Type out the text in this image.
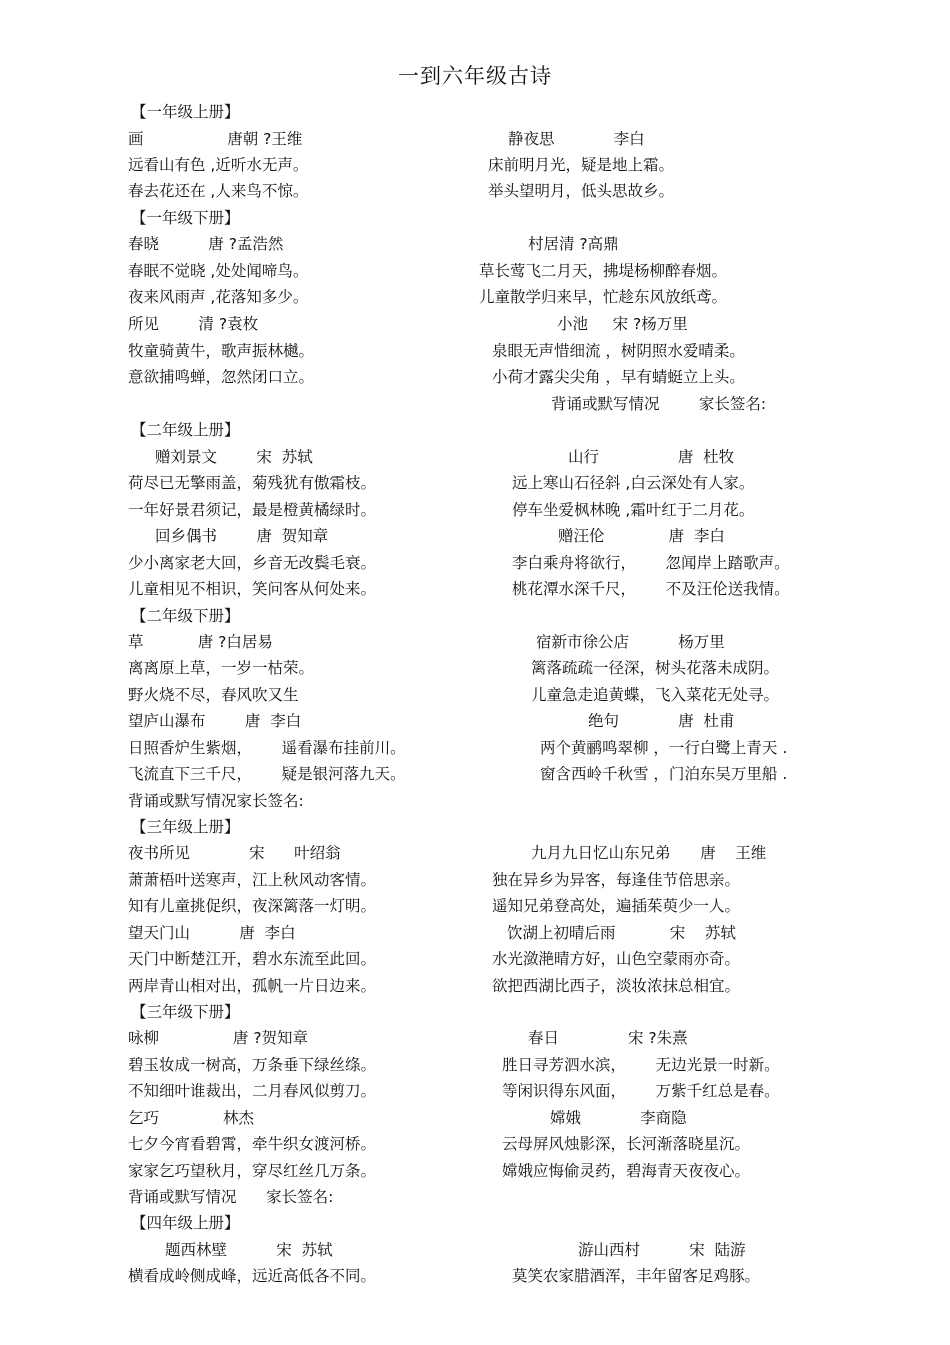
一到六年级古诗
【一年级上册】
画                 唐朝 ?王维
远看山有色 ,近听水无声。
春去花还在 ,人来鸟不惊。
静夜思            李白
床前明月光，疑是地上霜。
举头望明月，低头思故乡。
【一年级下册】
春晓          唐 ?孟浩然
春眠不觉晓 ,处处闻啼鸟。
夜来风雨声 ,花落知多少。
村居清 ?高鼎
草长莺飞二月天，拂堤杨柳醉春烟。
儿童散学归来早，忙趁东风放纸鸢。
所见        清 ?袁枚
牧童骑黄牛，歌声振林樾。
意欲捕鸣蝉，忽然闭口立。
小池     宋 ?杨万里
泉眼无声惜细流 ，树阴照水爱晴柔。
小荷才露尖尖角 ，早有蜻蜓立上头。
背诵或默写情况        家长签名:
【二年级上册】
赠刘景文        宋  苏轼
荷尽已无擎雨盖，菊残犹有傲霜枝。
一年好景君须记，最是橙黄橘绿时。
山行                唐  杜牧
远上寒山石径斜 ,白云深处有人家。
停车坐爱枫林晚 ,霜叶红于二月花。
回乡偶书        唐  贺知章
少小离家老大回，乡音无改鬓毛衰。
儿童相见不相识，笑问客从何处来。
赠汪伦             唐  李白
李白乘舟将欲行，      忽闻岸上踏歌声。
桃花潭水深千尺，      不及汪伦送我情。
【二年级下册】
草           唐 ?白居易
离离原上草，一岁一枯荣。
野火烧不尽，春风吹又生
宿新市徐公店          杨万里
篱落疏疏一径深，树头花落未成阴。
儿童急走追黄蝶，飞入菜花无处寻。
望庐山瀑布        唐  李白
日照香炉生紫烟，      遥看瀑布挂前川。
飞流直下三千尺，      疑是银河落九天。
绝句            唐  杜甫
两个黄鹂鸣翠柳 ，一行白鹭上青天 .
窗含西岭千秋雪 ，门泊东吴万里船 .
背诵或默写情况家长签名:
【三年级上册】
夜书所见            宋      叶绍翁
萧萧梧叶送寒声，江上秋风动客情。
知有儿童挑促织，夜深篱落一灯明。
九月九日忆山东兄弟      唐    王维
独在异乡为异客，每逢佳节倍思亲。
遥知兄弟登高处，遍插茱萸少一人。
望天门山          唐  李白
天门中断楚江开，碧水东流至此回。
两岸青山相对出，孤帆一片日边来。
饮湖上初晴后雨           宋    苏轼
水光潋滟晴方好，山色空蒙雨亦奇。
欲把西湖比西子，淡妆浓抹总相宜。
【三年级下册】
咏柳               唐 ?贺知章
碧玉妆成一树高，万条垂下绿丝绦。
不知细叶谁裁出，二月春风似剪刀。
春日              宋 ?朱熹
胜日寻芳泗水滨，      无边光景一时新。
等闲识得东风面，      万紫千红总是春。
乞巧             林杰
七夕今宵看碧霄，牵牛织女渡河桥。
家家乞巧望秋月，穿尽红丝几万条。
嫦娥            李商隐
云母屏风烛影深，长河渐落晓星沉。
嫦娥应悔偷灵药，碧海青天夜夜心。
背诵或默写情况      家长签名:
【四年级上册】
题西林壁          宋  苏轼
横看成岭侧成峰，远近高低各不同。
游山西村          宋  陆游
莫笑农家腊酒浑，丰年留客足鸡豚。
